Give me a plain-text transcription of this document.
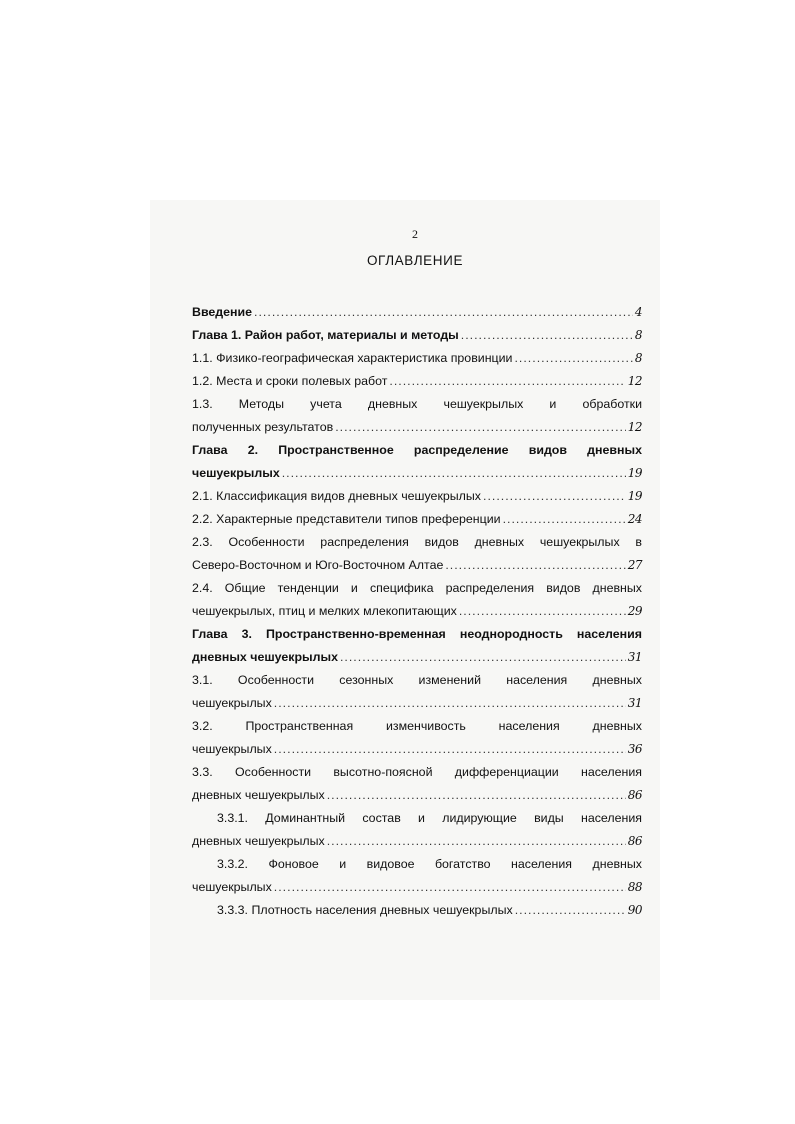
2
ОГЛАВЛЕНИЕ
Введение .....	4
Глава 1. Район работ, материалы и методы .....	8
1.1. Физико-географическая характеристика провинции .....	8
1.2. Места и сроки полевых работ .....	12
1.3. Методы учета дневных чешуекрылых и обработки
полученных результатов .....	12
Глава 2. Пространственное распределение видов дневных
чешуекрылых .....	19
2.1. Классификация видов дневных чешуекрылых .....	19
2.2. Характерные представители типов преференции .....	24
2.3. Особенности распределения видов дневных чешуекрылых в
Северо-Восточном и Юго-Восточном Алтае .....	27
2.4. Общие тенденции и специфика распределения видов дневных
чешуекрылых, птиц и мелких млекопитающих .....	29
Глава 3. Пространственно-временная неоднородность населения
дневных чешуекрылых .....	31
3.1. Особенности сезонных изменений населения дневных
чешуекрылых .....	31
3.2. Пространственная изменчивость населения дневных
чешуекрылых .....	36
3.3. Особенности высотно-поясной дифференциации населения
дневных чешуекрылых .....	86
3.3.1. Доминантный состав и лидирующие виды населения
дневных чешуекрылых .....	86
3.3.2. Фоновое и видовое богатство населения дневных
чешуекрылых .....	88
3.3.3. Плотность населения дневных чешуекрылых .....	90
